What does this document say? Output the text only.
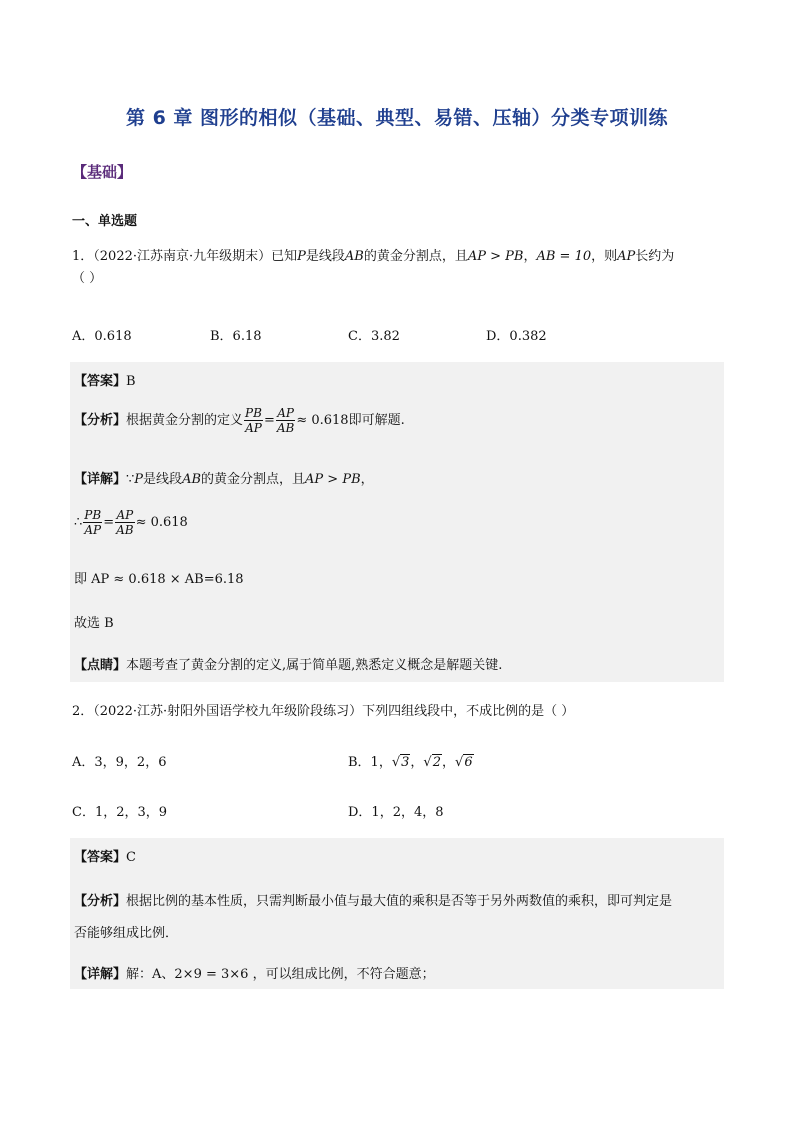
第 6 章 图形的相似（基础、典型、易错、压轴）分类专项训练
【基础】
一、单选题
1．（2022·江苏南京·九年级期末）已知P是线段AB的黄金分割点，且AP > PB，AB = 10，则AP长约为
（ ）
A．0.618	B．6.18	C．3.82	D．0.382
【答案】B
【分析】根据黄金分割的定义 $\frac{PB}{AP} = \frac{AP}{AB} \approx 0.618$即可解题.
【详解】∵P是线段AB的黄金分割点，且AP > PB，
∴ $\frac{PB}{AP} = \frac{AP}{AB} \approx 0.618$
即 AP ≈ 0.618 × AB=6.18
故选 B
【点睛】本题考查了黄金分割的定义,属于简单题,熟悉定义概念是解题关键.
2．（2022·江苏·射阳外国语学校九年级阶段练习）下列四组线段中，不成比例的是（ ）
A．3，9，2，6	B．1，√3，√2，√6
C．1，2，3，9	D．1，2，4，8
【答案】C
【分析】根据比例的基本性质，只需判断最小值与最大值的乘积是否等于另外两数值的乘积，即可判定是
否能够组成比例．
【详解】解：A、2×9 = 3×6 ，可以组成比例，不符合题意；
